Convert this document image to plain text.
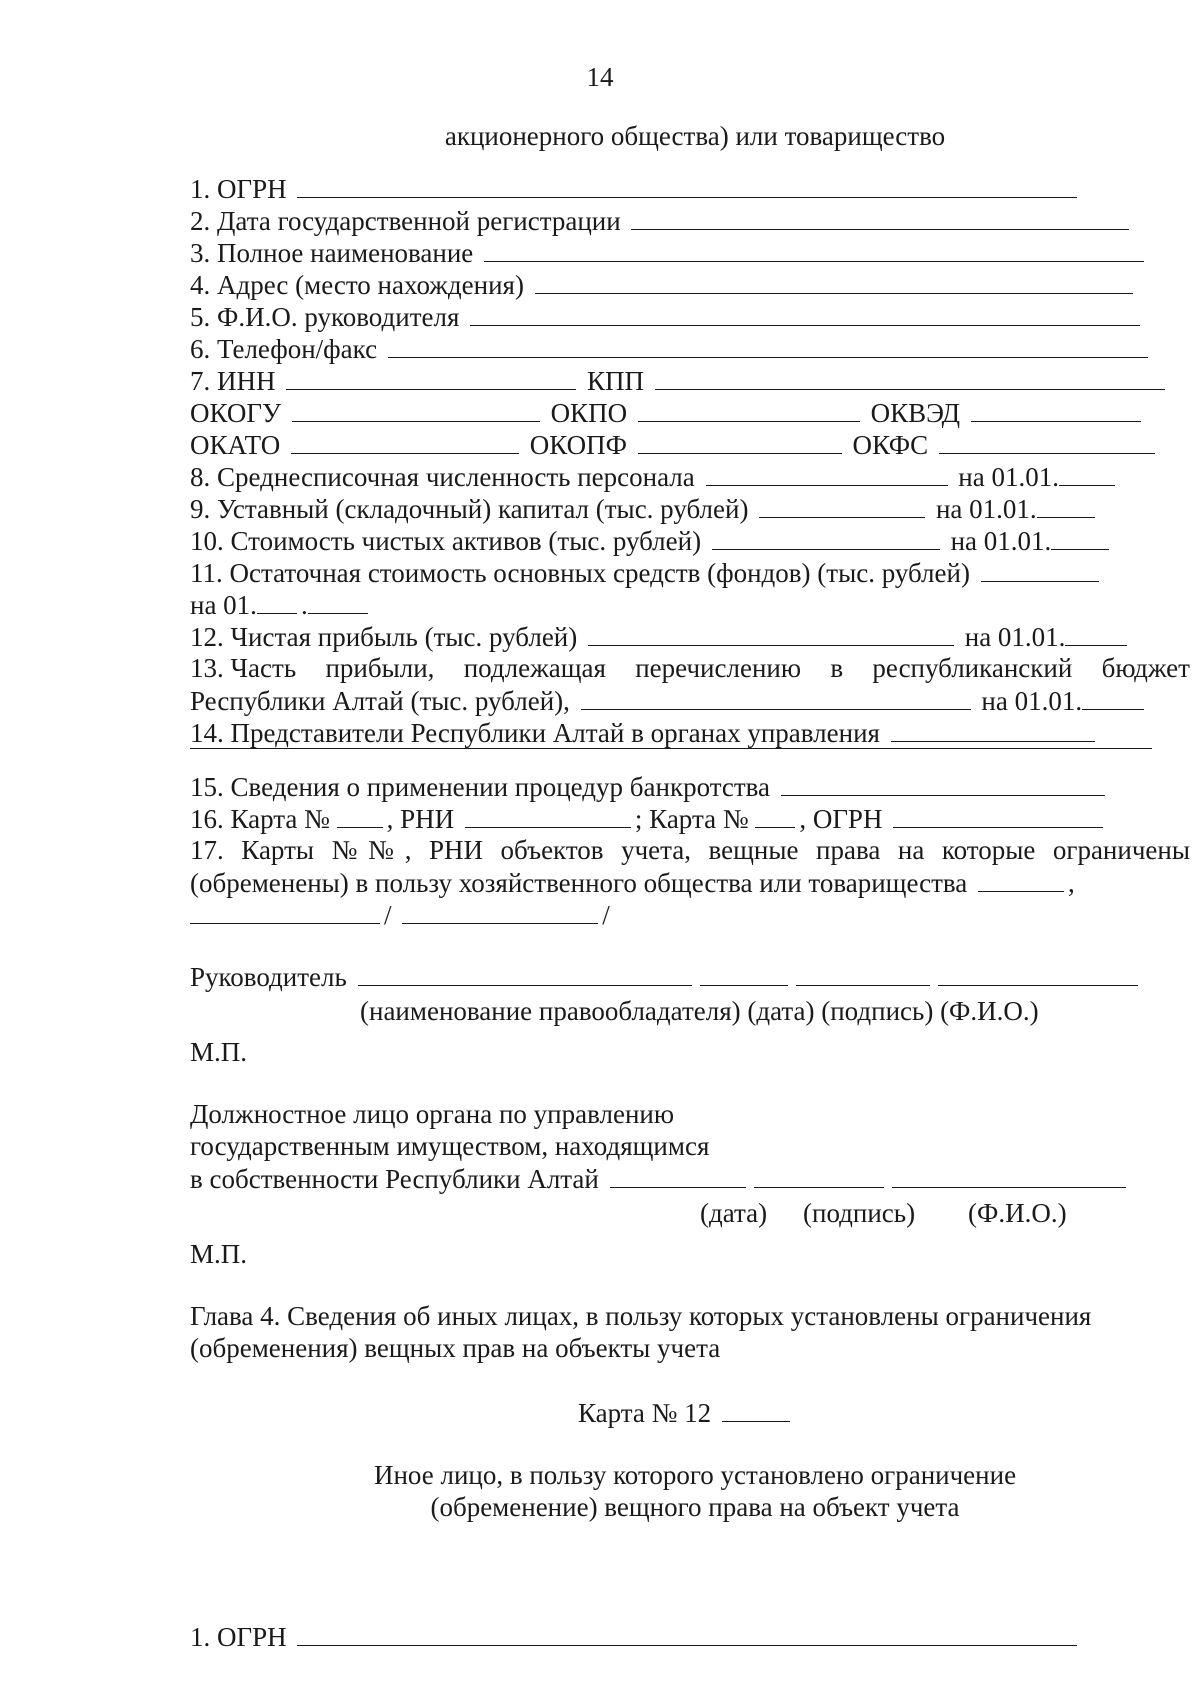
14
акционерного общества) или товарищество
1. ОГРН
2. Дата государственной регистрации
3. Полное наименование
4. Адрес (место нахождения)
5. Ф.И.О. руководителя
6. Телефон/факс
7. ИНН	КПП
ОКОГУ	ОКПО	ОКВЭД
ОКАТО	ОКОПФ	ОКФС
8. Среднесписочная численность персонала	на 01.01.
9. Уставный (складочный) капитал (тыс. рублей)	на 01.01.
10. Стоимость чистых активов (тыс. рублей)	на 01.01.
11. Остаточная стоимость основных средств (фондов) (тыс. рублей)
на 01. .
12. Чистая прибыль (тыс. рублей)	на 01.01.
13. Часть прибыли, подлежащая перечислению в республиканский бюджет
Республики Алтай (тыс. рублей),	на 01.01.
14. Представители Республики Алтай в органах управления
15. Сведения о применении процедур банкротства
16. Карта № , РНИ	; Карта № , ОГРН
17. Карты №№, РНИ объектов учета, вещные права на которые ограничены
(обременены) в пользу хозяйственного общества или товарищества	,
/	/
Руководитель
(наименование правообладателя) (дата) (подпись) (Ф.И.О.)
М.П.
Должностное лицо органа по управлению
государственным имуществом, находящимся
в собственности Республики Алтай
(дата) (подпись) (Ф.И.О.)
М.П.
Глава 4. Сведения об иных лицах, в пользу которых установлены ограничения
(обременения) вещных прав на объекты учета
Карта № 12
Иное лицо, в пользу которого установлено ограничение
(обременение) вещного права на объект учета
1. ОГРН
